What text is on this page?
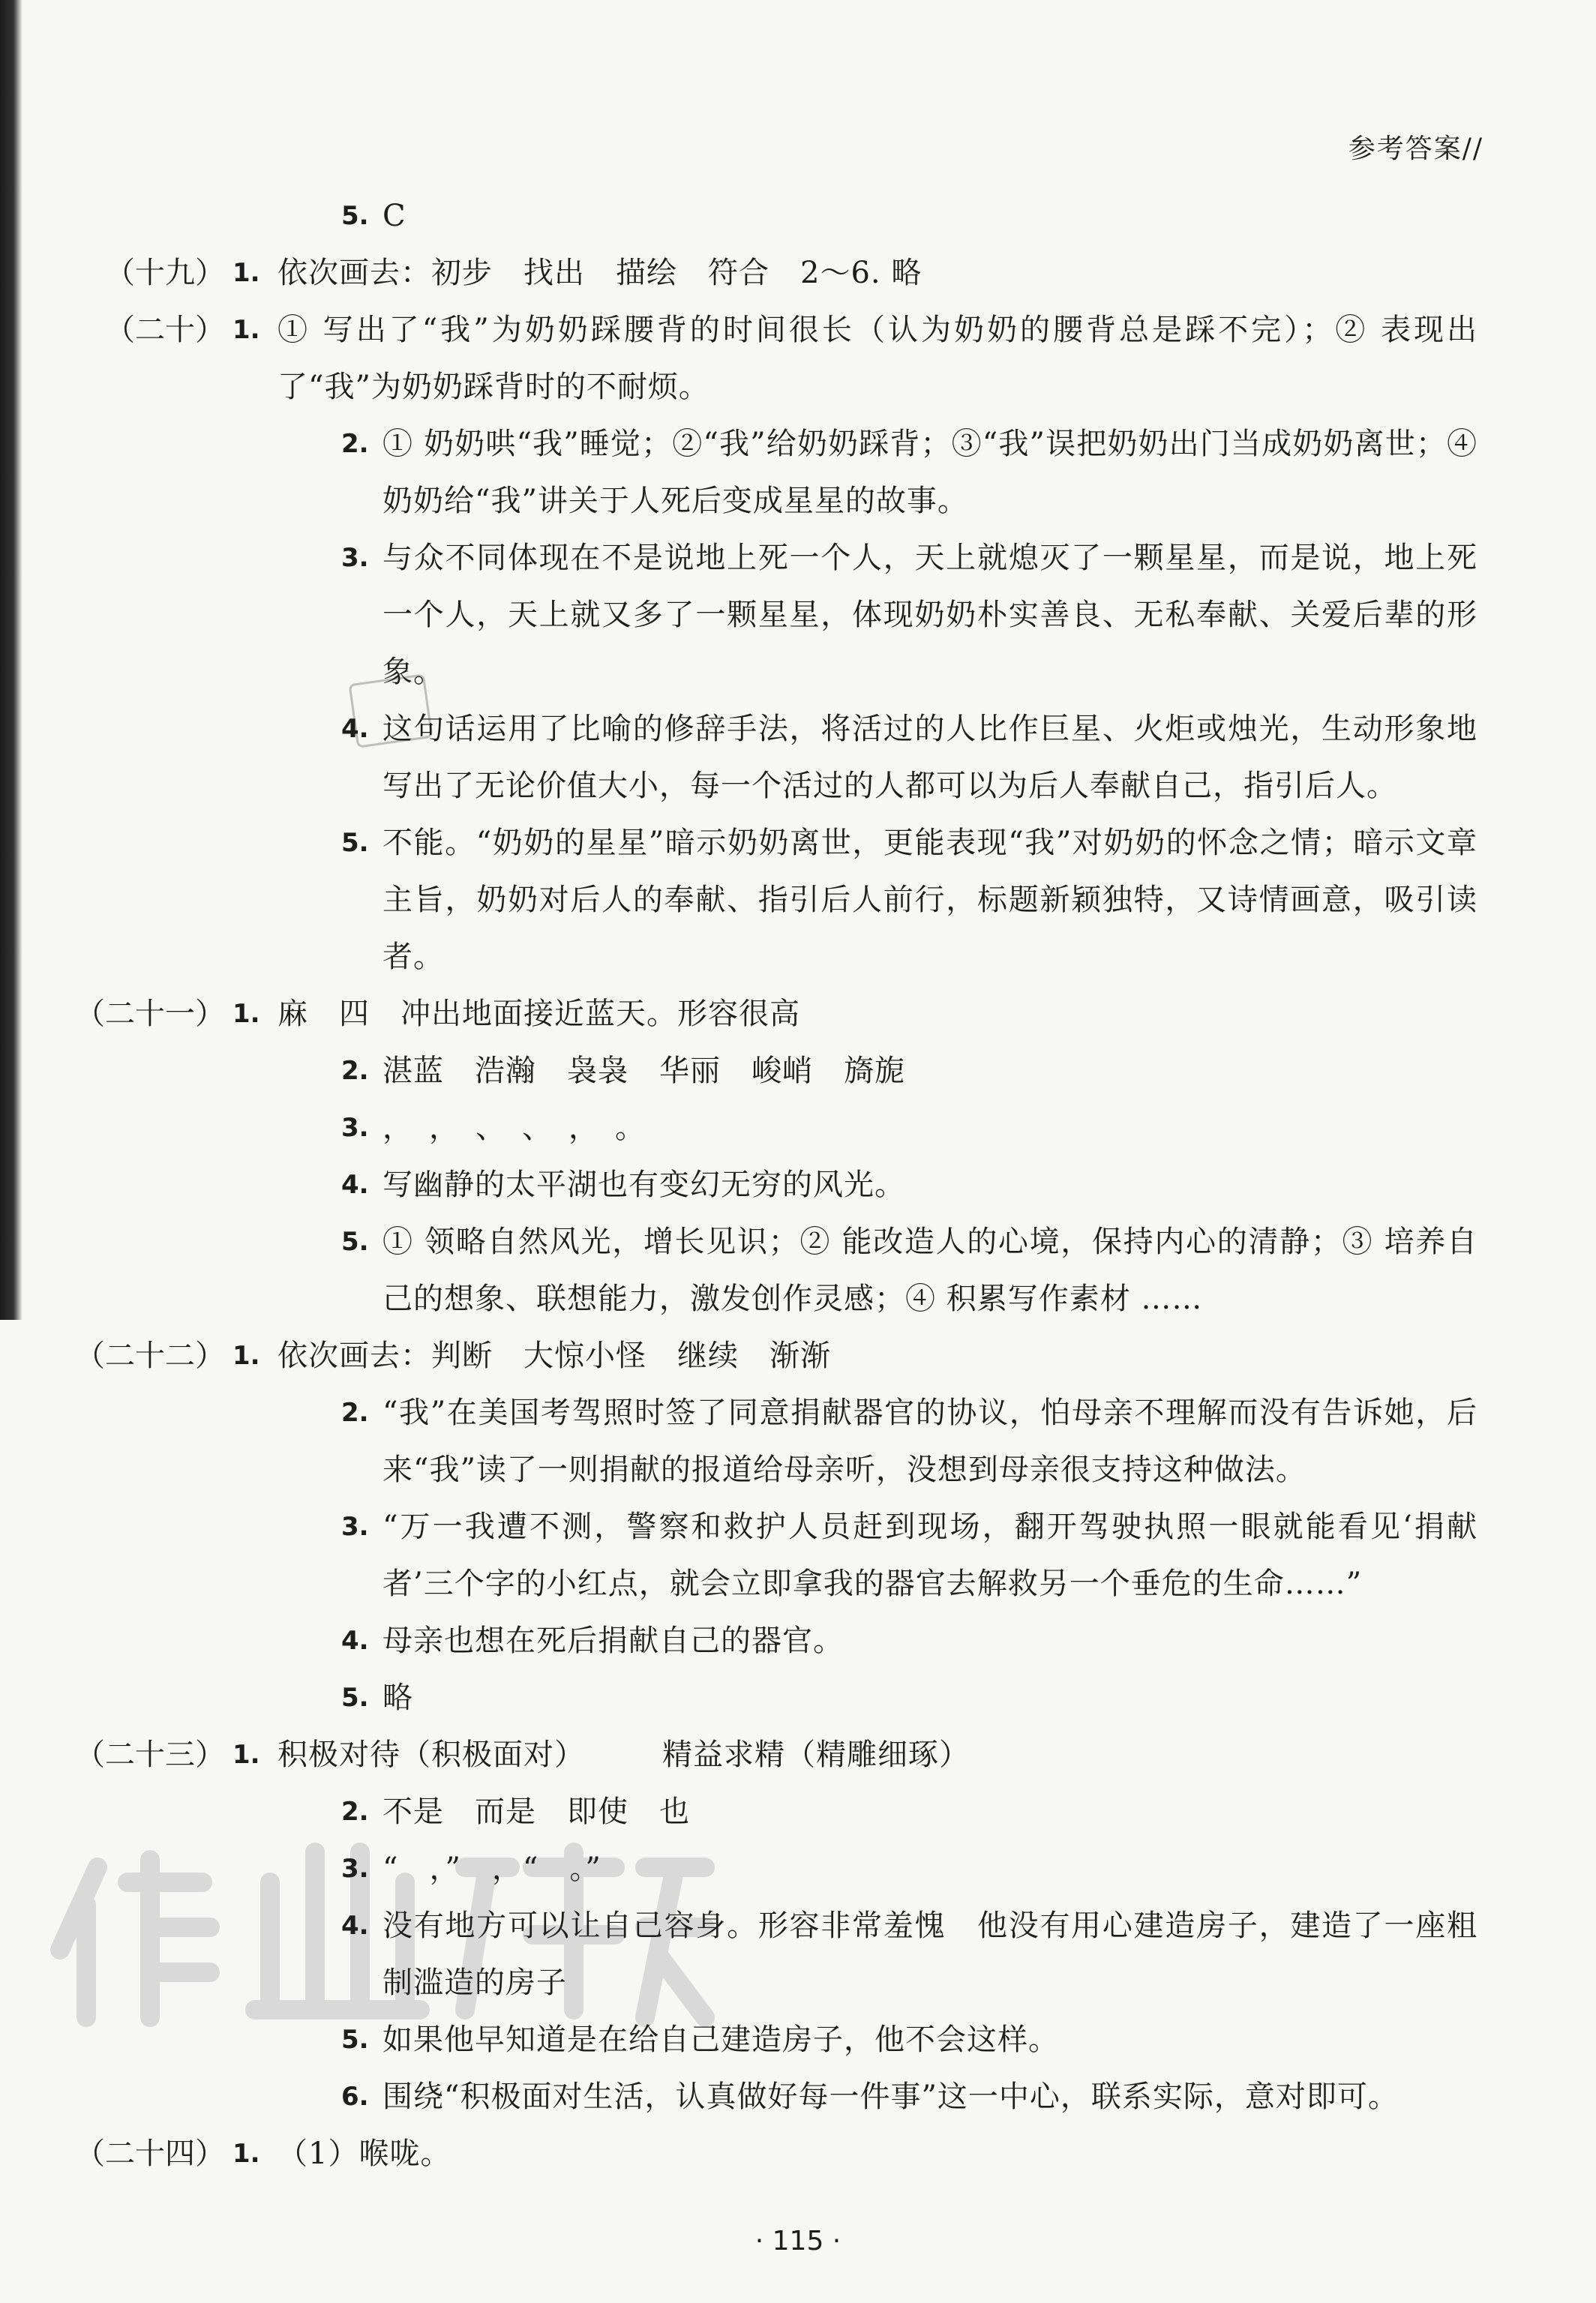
参考答案//
5. C
（十九） 1. 依次画去：初步　找出　描绘　符合　2～6. 略
（二十） 1. ① 写出了“我”为奶奶踩腰背的时间很长（认为奶奶的腰背总是踩不完）；② 表现出了“我”为奶奶踩背时的不耐烦。
2. ① 奶奶哄“我”睡觉；②“我”给奶奶踩背；③“我”误把奶奶出门当成奶奶离世；④ 奶奶给“我”讲关于人死后变成星星的故事。
3. 与众不同体现在不是说地上死一个人，天上就熄灭了一颗星星，而是说，地上死一个人，天上就又多了一颗星星，体现奶奶朴实善良、无私奉献、关爱后辈的形象。
4. 这句话运用了比喻的修辞手法，将活过的人比作巨星、火炬或烛光，生动形象地写出了无论价值大小，每一个活过的人都可以为后人奉献自己，指引后人。
5. 不能。“奶奶的星星”暗示奶奶离世，更能表现“我”对奶奶的怀念之情；暗示文章主旨，奶奶对后人的奉献、指引后人前行，标题新颖独特，又诗情画意，吸引读者。
（二十一） 1. 麻　四　冲出地面接近蓝天。形容很高
2. 湛蓝　浩瀚　袅袅　华丽　峻峭　旖旎
3. ，　，　、　、　，　。
4. 写幽静的太平湖也有变幻无穷的风光。
5. ① 领略自然风光，增长见识；② 能改造人的心境，保持内心的清静；③ 培养自己的想象、联想能力，激发创作灵感；④ 积累写作素材 ……
（二十二） 1. 依次画去：判断　大惊小怪　继续　渐渐
2. “我”在美国考驾照时签了同意捐献器官的协议，怕母亲不理解而没有告诉她，后来“我”读了一则捐献的报道给母亲听，没想到母亲很支持这种做法。
3. “万一我遭不测，警察和救护人员赶到现场，翻开驾驶执照一眼就能看见‘捐献者’三个字的小红点，就会立即拿我的器官去解救另一个垂危的生命……”
4. 母亲也想在死后捐献自己的器官。
5. 略
（二十三） 1. 积极对待（积极面对）　　　精益求精（精雕细琢）
2. 不是　而是　即使　也
3. “　，”　，“　。”
4. 没有地方可以让自己容身。形容非常羞愧　他没有用心建造房子，建造了一座粗制滥造的房子
5. 如果他早知道是在给自己建造房子，他不会这样。
6. 围绕“积极面对生活，认真做好每一件事”这一中心，联系实际，意对即可。
（二十四） 1. （1）喉咙。
· 115 ·
